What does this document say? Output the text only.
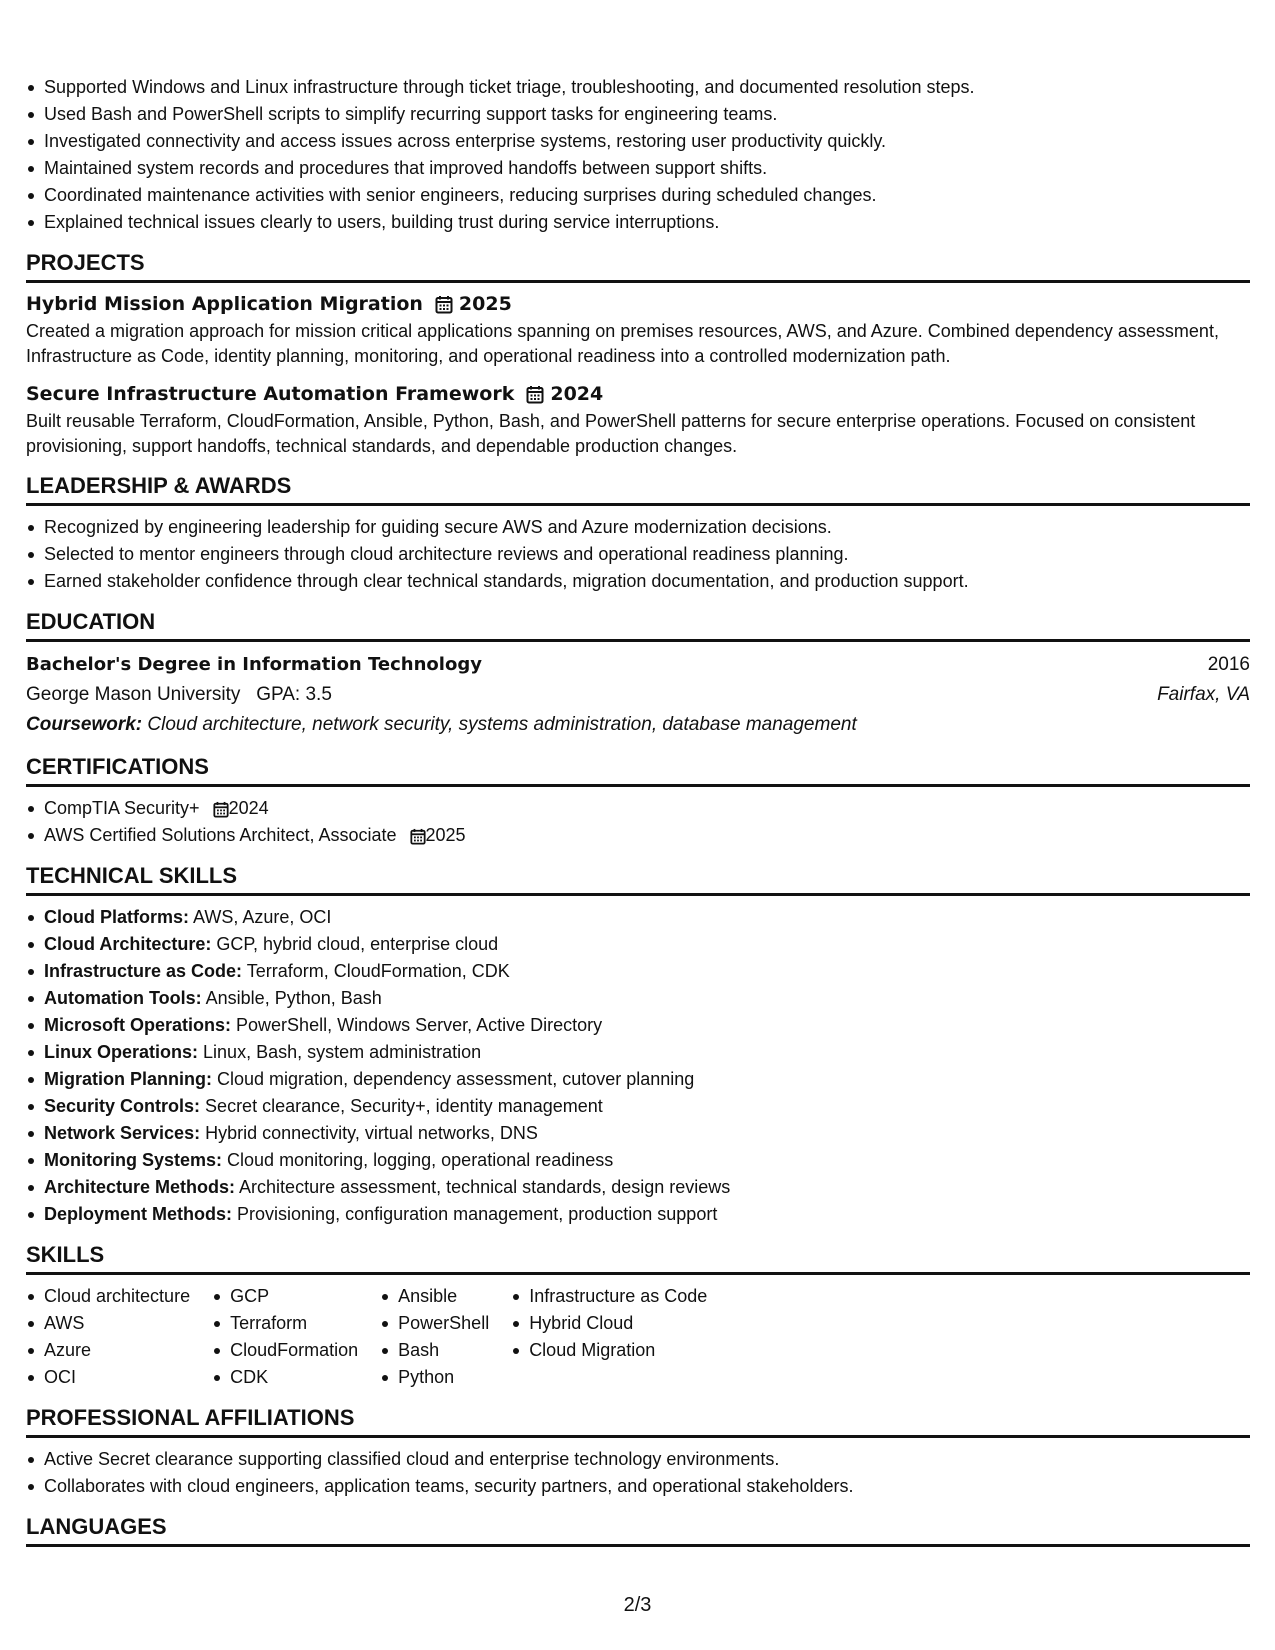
Supported Windows and Linux infrastructure through ticket triage, troubleshooting, and documented resolution steps.
Used Bash and PowerShell scripts to simplify recurring support tasks for engineering teams.
Investigated connectivity and access issues across enterprise systems, restoring user productivity quickly.
Maintained system records and procedures that improved handoffs between support shifts.
Coordinated maintenance activities with senior engineers, reducing surprises during scheduled changes.
Explained technical issues clearly to users, building trust during service interruptions.
PROJECTS
Hybrid Mission Application Migration 2025
Created a migration approach for mission critical applications spanning on premises resources, AWS, and Azure. Combined dependency assessment, Infrastructure as Code, identity planning, monitoring, and operational readiness into a controlled modernization path.
Secure Infrastructure Automation Framework 2024
Built reusable Terraform, CloudFormation, Ansible, Python, Bash, and PowerShell patterns for secure enterprise operations. Focused on consistent provisioning, support handoffs, technical standards, and dependable production changes.
LEADERSHIP & AWARDS
Recognized by engineering leadership for guiding secure AWS and Azure modernization decisions.
Selected to mentor engineers through cloud architecture reviews and operational readiness planning.
Earned stakeholder confidence through clear technical standards, migration documentation, and production support.
EDUCATION
Bachelor's Degree in Information Technology	2016
George Mason University GPA: 3.5	Fairfax, VA
Coursework: Cloud architecture, network security, systems administration, database management
CERTIFICATIONS
CompTIA Security+ 2024
AWS Certified Solutions Architect, Associate 2025
TECHNICAL SKILLS
Cloud Platforms: AWS, Azure, OCI
Cloud Architecture: GCP, hybrid cloud, enterprise cloud
Infrastructure as Code: Terraform, CloudFormation, CDK
Automation Tools: Ansible, Python, Bash
Microsoft Operations: PowerShell, Windows Server, Active Directory
Linux Operations: Linux, Bash, system administration
Migration Planning: Cloud migration, dependency assessment, cutover planning
Security Controls: Secret clearance, Security+, identity management
Network Services: Hybrid connectivity, virtual networks, DNS
Monitoring Systems: Cloud monitoring, logging, operational readiness
Architecture Methods: Architecture assessment, technical standards, design reviews
Deployment Methods: Provisioning, configuration management, production support
SKILLS
Cloud architecture
AWS
Azure
OCI
GCP
Terraform
CloudFormation
CDK
Ansible
PowerShell
Bash
Python
Infrastructure as Code
Hybrid Cloud
Cloud Migration
PROFESSIONAL AFFILIATIONS
Active Secret clearance supporting classified cloud and enterprise technology environments.
Collaborates with cloud engineers, application teams, security partners, and operational stakeholders.
LANGUAGES
2/3
